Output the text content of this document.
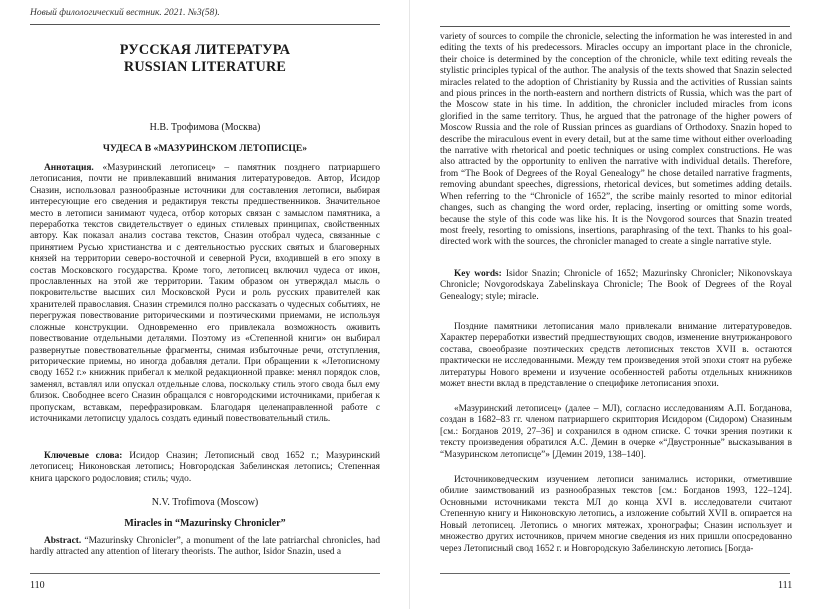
Новый филологический вестник. 2021. №3(58).
РУССКАЯ ЛИТЕРАТУРА
RUSSIAN LITERATURE
Н.В. Трофимова (Москва)
ЧУДЕСА В «МАЗУРИНСКОМ ЛЕТОПИСЦЕ»
Аннотация. «Мазуринский летописец» – памятник позднего патриаршего летописания, почти не привлекавший внимания литературоведов. Автор, Исидор Сназин, использовал разнообразные источники для составления летописи, выбирая интересующие его сведения и редактируя тексты предшественников. Значительное место в летописи занимают чудеса, отбор которых связан с замыслом памятника, а переработка текстов свидетельствует о единых стилевых принципах, свойственных автору. Как показал анализ состава текстов, Сназин отобрал чудеса, связанные с принятием Русью христианства и с деятельностью русских святых и благоверных князей на территории северо-восточной и северной Руси, входившей в его эпоху в состав Московского государства. Кроме того, летописец включил чудеса от икон, прославленных на этой же территории. Таким образом он утверждал мысль о покровительстве высших сил Московской Руси и роль русских правителей как хранителей православия. Сназин стремился полно рассказать о чудесных событиях, не перегружая повествование риторическими и поэтическими приемами, не используя сложные конструкции. Одновременно его привлекала возможность оживить повествование отдельными деталями. Поэтому из «Степенной книги» он выбирал развернутые повествовательные фрагменты, снимая избыточные речи, отступления, риторические приемы, но иногда добавляя детали. При обращении к «Летописному своду 1652 г.» книжник прибегал к мелкой редакционной правке: менял порядок слов, заменял, вставлял или опускал отдельные слова, поскольку стиль этого свода был ему близок. Свободнее всего Сназин обращался с новгородскими источниками, прибегая к пропускам, вставкам, перефразировкам. Благодаря целенаправленной работе с источниками летописцу удалось создать единый повествовательный стиль.
Ключевые слова: Исидор Сназин; Летописный свод 1652 г.; Мазуринский летописец; Никоновская летопись; Новгородская Забелинская летопись; Степенная книга царского родословия; стиль; чудо.
N.V. Trofimova (Moscow)
Miracles in “Mazurinsky Chronicler”
Abstract. “Mazurinsky Chronicler”, a monument of the late patriarchal chronicles, had hardly attracted any attention of literary theorists. The author, Isidor Snazin, used a
110
variety of sources to compile the chronicle, selecting the information he was interested in and editing the texts of his predecessors. Miracles occupy an important place in the chronicle, their choice is determined by the conception of the chronicle, while text editing reveals the stylistic principles typical of the author. The analysis of the texts showed that Snazin selected miracles related to the adoption of Christianity by Russia and the activities of Russian saints and pious princes in the north-eastern and northern districts of Russia, which was the part of the Moscow state in his time. In addition, the chronicler included miracles from icons glorified in the same territory. Thus, he argued that the patronage of the higher powers of Moscow Russia and the role of Russian princes as guardians of Orthodoxy. Snazin hoped to describe the miraculous event in every detail, but at the same time without either overloading the narrative with rhetorical and poetic techniques or using complex constructions. He was also attracted by the opportunity to enliven the narrative with individual details. Therefore, from “The Book of Degrees of the Royal Genealogy” he chose detailed narrative fragments, removing abundant speeches, digressions, rhetorical devices, but sometimes adding details. When referring to the “Chronicle of 1652”, the scribe mainly resorted to minor editorial changes, such as changing the word order, replacing, inserting or omitting some words, because the style of this code was like his. It is the Novgorod sources that Snazin treated most freely, resorting to omissions, insertions, paraphrasing of the text. Thanks to his goal-directed work with the sources, the chronicler managed to create a single narrative style.
Key words: Isidor Snazin; Chronicle of 1652; Mazurinsky Chronicler; Nikonovskaya Chronicle; Novgorodskaya Zabelinskaya Chronicle; The Book of Degrees of the Royal Genealogy; style; miracle.
Поздние памятники летописания мало привлекали внимание литературоведов. Характер переработки известий предшествующих сводов, изменение внутрижанрового состава, своеобразие поэтических средств летописных текстов XVII в. остаются практически не исследованными. Между тем произведения этой эпохи стоят на рубеже литературы Нового времени и изучение особенностей работы отдельных книжников может внести вклад в представление о специфике летописания эпохи.
«Мазуринский летописец» (далее – МЛ), согласно исследованиям А.П. Богданова, создан в 1682–83 гг. членом патриаршего скриптория Исидором (Сидором) Сназиным [см.: Богданов 2019, 27–36] и сохранился в одном списке. С точки зрения поэтики к тексту произведения обратился А.С. Демин в очерке «“Двустронные” высказывания в “Мазуринском летописце”» [Демин 2019, 138–140].
Источниковедческим изучением летописи занимались историки, отметившие обилие заимствований из разнообразных текстов [см.: Богданов 1993, 122–124]. Основными источниками текста МЛ до конца XVI в. исследователи считают Степенную книгу и Никоновскую летопись, а изложение событий XVII в. опирается на Новый летописец. Летопись о многих мятежах, хронографы; Сназин использует и множество других источников, причем многие сведения из них пришли опосредованно через Летописный свод 1652 г. и Новгородскую Забелинскую летопись [Богда-
111
